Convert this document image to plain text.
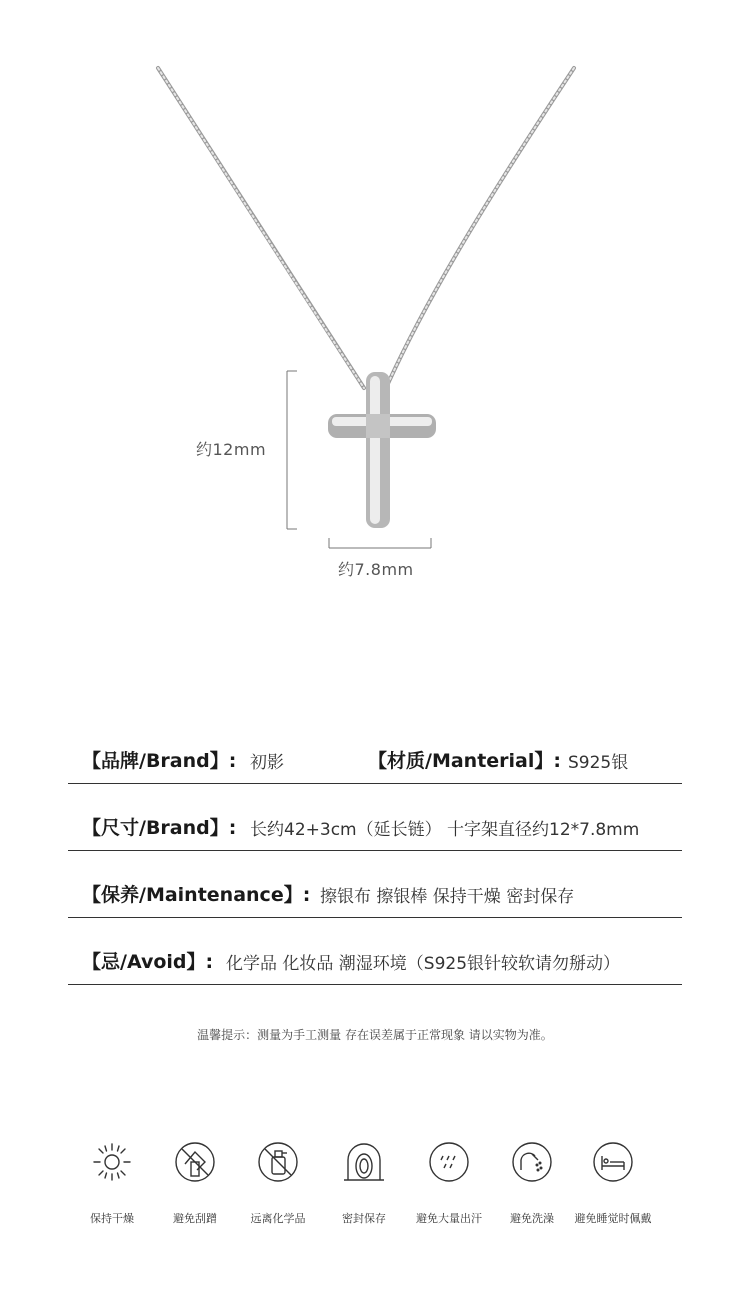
约12mm
约7.8mm
【品牌/Brand】: 初影	【材质/Manterial】: S925银
【尺寸/Brand】: 长约42+3cm（延长链） 十字架直径约12*7.8mm
【保养/Maintenance】: 擦银布 擦银棒 保持干燥 密封保存
【忌/Avoid】: 化学品 化妆品 潮湿环境（S925银针较软请勿掰动）
温馨提示：测量为手工测量 存在误差属于正常现象 请以实物为准。
保持干燥	避免刮蹭	远离化学品	密封保存	避免大量出汗	避免洗澡	避免睡觉时佩戴
